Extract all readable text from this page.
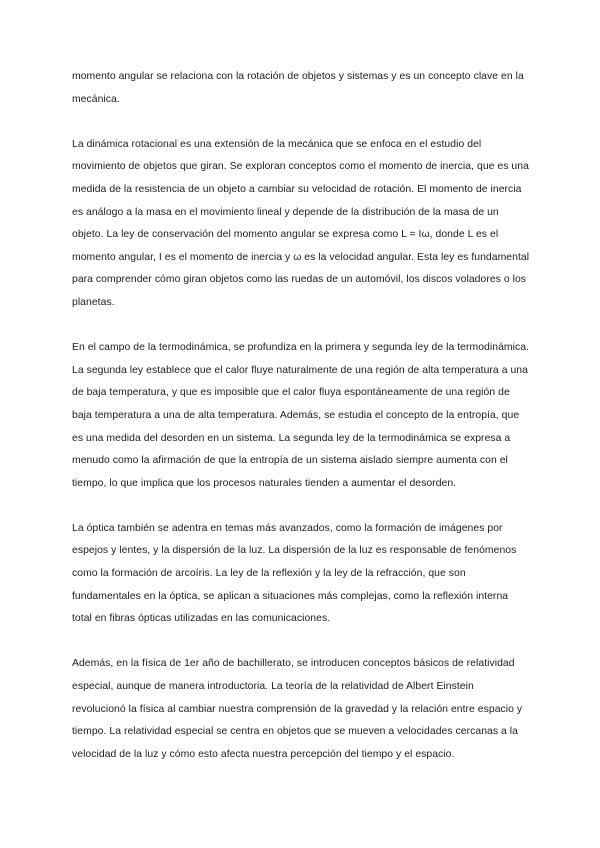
momento angular se relaciona con la rotación de objetos y sistemas y es un concepto clave en la mecánica.

La dinámica rotacional es una extensión de la mecánica que se enfoca en el estudio del movimiento de objetos que giran. Se exploran conceptos como el momento de inercia, que es una medida de la resistencia de un objeto a cambiar su velocidad de rotación. El momento de inercia es análogo a la masa en el movimiento lineal y depende de la distribución de la masa de un objeto. La ley de conservación del momento angular se expresa como L = Iω, donde L es el momento angular, I es el momento de inercia y ω es la velocidad angular. Esta ley es fundamental para comprender cómo giran objetos como las ruedas de un automóvil, los discos voladores o los planetas.

En el campo de la termodinámica, se profundiza en la primera y segunda ley de la termodinámica. La segunda ley establece que el calor fluye naturalmente de una región de alta temperatura a una de baja temperatura, y que es imposible que el calor fluya espontáneamente de una región de baja temperatura a una de alta temperatura. Además, se estudia el concepto de la entropía, que es una medida del desorden en un sistema. La segunda ley de la termodinámica se expresa a menudo como la afirmación de que la entropía de un sistema aislado siempre aumenta con el tiempo, lo que implica que los procesos naturales tienden a aumentar el desorden.

La óptica también se adentra en temas más avanzados, como la formación de imágenes por espejos y lentes, y la dispersión de la luz. La dispersión de la luz es responsable de fenómenos como la formación de arcoíris. La ley de la reflexión y la ley de la refracción, que son fundamentales en la óptica, se aplican a situaciones más complejas, como la reflexión interna total en fibras ópticas utilizadas en las comunicaciones.

Además, en la física de 1er año de bachillerato, se introducen conceptos básicos de relatividad especial, aunque de manera introductoria. La teoría de la relatividad de Albert Einstein revolucionó la física al cambiar nuestra comprensión de la gravedad y la relación entre espacio y tiempo. La relatividad especial se centra en objetos que se mueven a velocidades cercanas a la velocidad de la luz y cómo esto afecta nuestra percepción del tiempo y el espacio.
